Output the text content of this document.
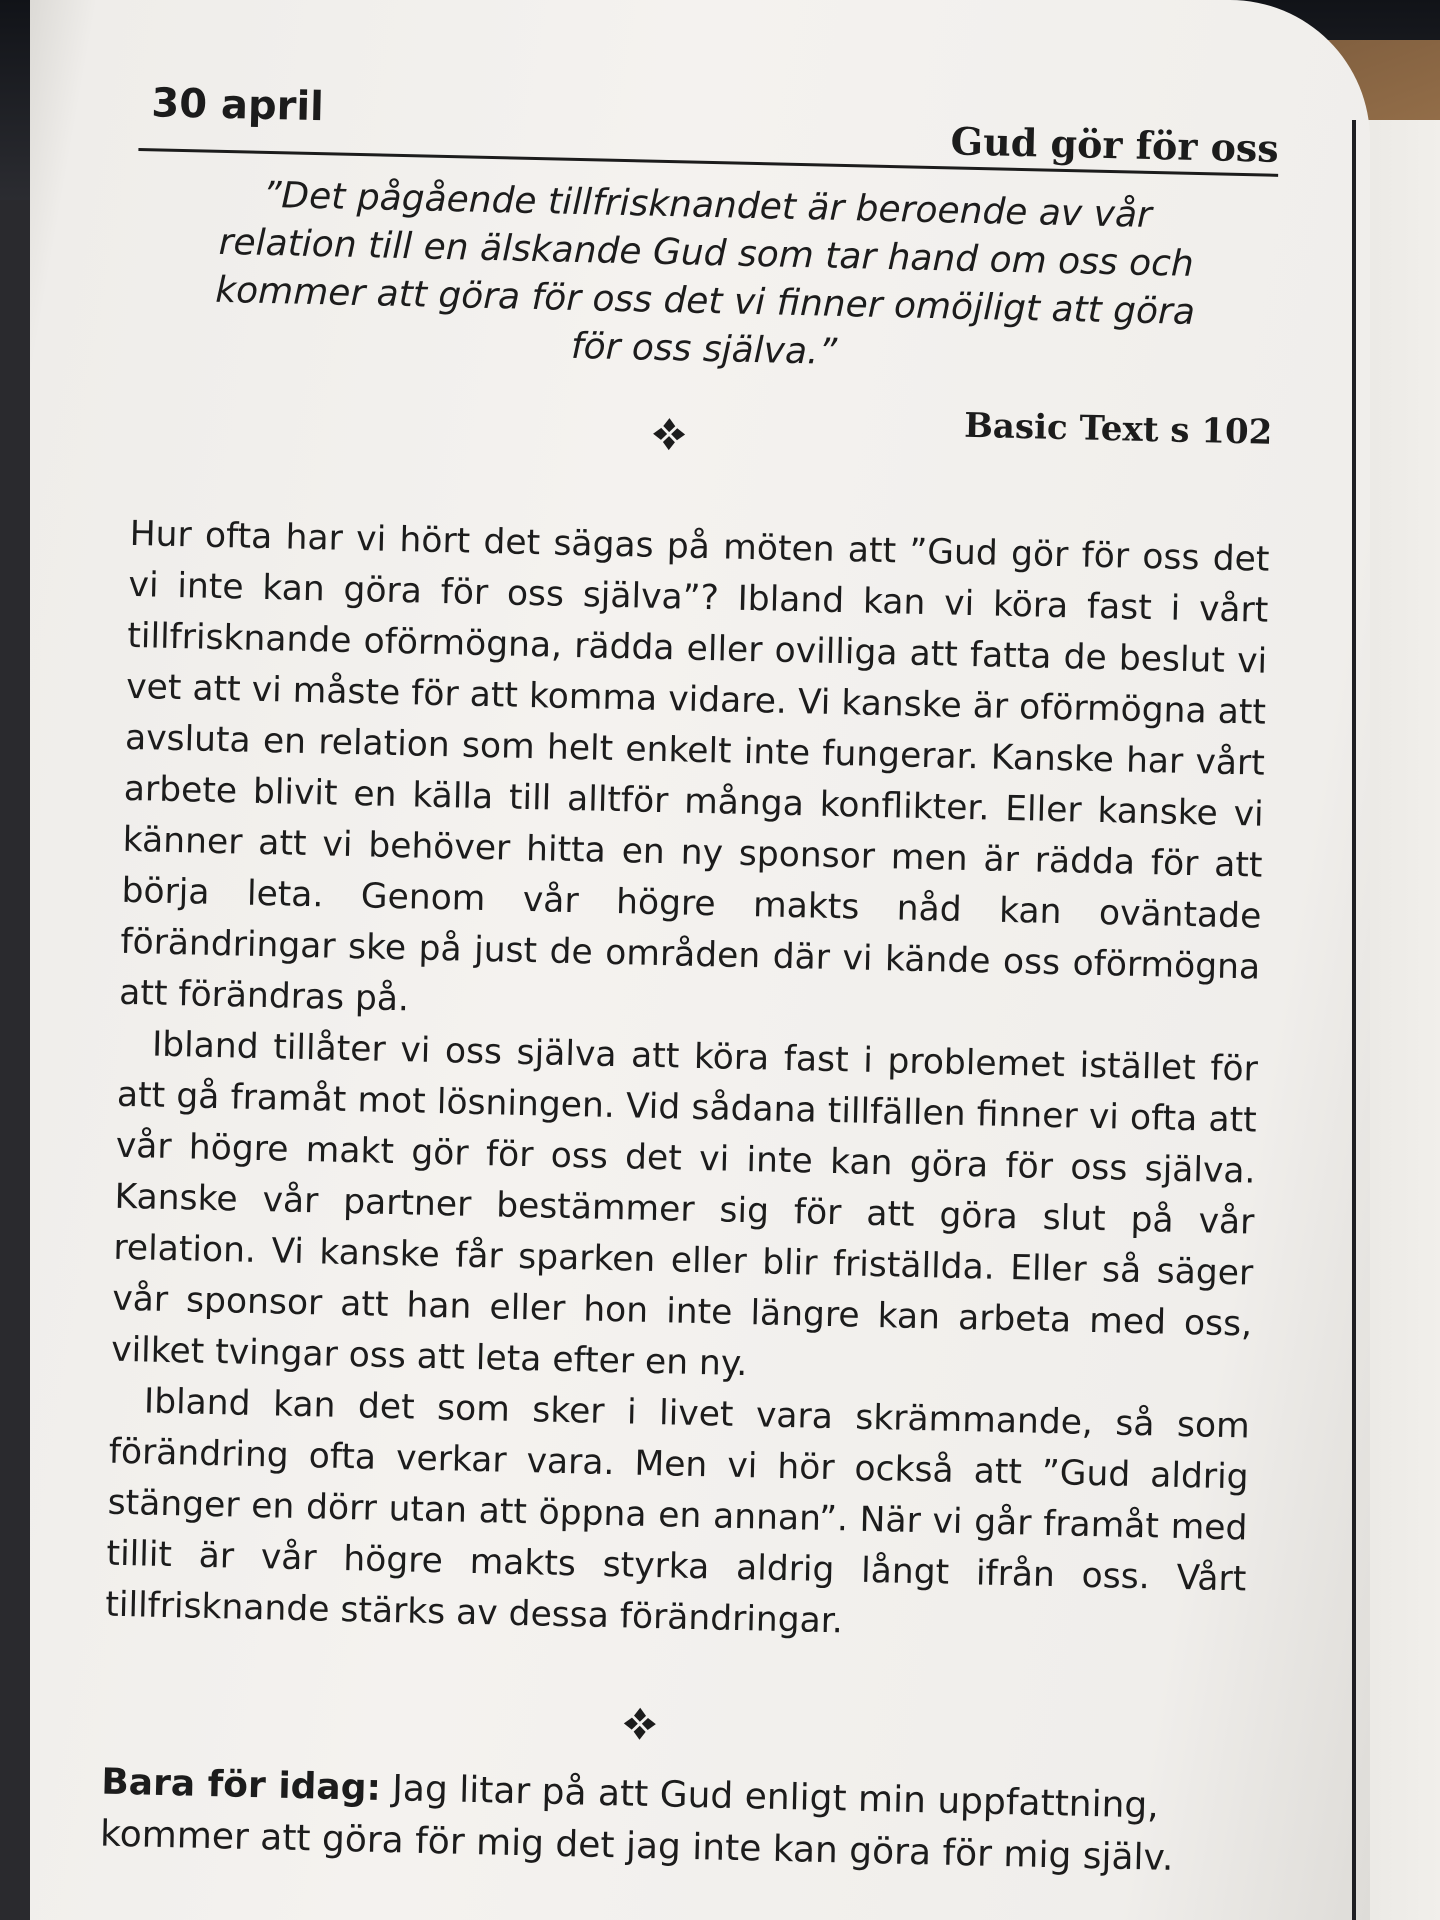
30 april
Gud gör för oss

”Det pågående tillfrisknandet är beroende av vår relation till en älskande Gud som tar hand om oss och kommer att göra för oss det vi finner omöjligt att göra för oss själva.”

Basic Text s 102

Hur ofta har vi hört det sägas på möten att ”Gud gör för oss det vi inte kan göra för oss själva”? Ibland kan vi köra fast i vårt tillfrisknande oförmögna, rädda eller ovilliga att fatta de beslut vi vet att vi måste för att komma vidare. Vi kanske är oförmögna att avsluta en relation som helt enkelt inte fungerar. Kanske har vårt arbete blivit en källa till alltför många konflikter. Eller kanske vi känner att vi behöver hitta en ny sponsor men är rädda för att börja leta. Genom vår högre makts nåd kan oväntade förändringar ske på just de områden där vi kände oss oförmögna att förändras på.

Ibland tillåter vi oss själva att köra fast i problemet istället för att gå framåt mot lösningen. Vid sådana tillfällen finner vi ofta att vår högre makt gör för oss det vi inte kan göra för oss själva. Kanske vår partner bestämmer sig för att göra slut på vår relation. Vi kanske får sparken eller blir friställda. Eller så säger vår sponsor att han eller hon inte längre kan arbeta med oss, vilket tvingar oss att leta efter en ny.

Ibland kan det som sker i livet vara skrämmande, så som förändring ofta verkar vara. Men vi hör också att ”Gud aldrig stänger en dörr utan att öppna en annan”. När vi går framåt med tillit är vår högre makts styrka aldrig långt ifrån oss. Vårt tillfrisknande stärks av dessa förändringar.

Bara för idag: Jag litar på att Gud enligt min uppfattning, kommer att göra för mig det jag inte kan göra för mig själv.
